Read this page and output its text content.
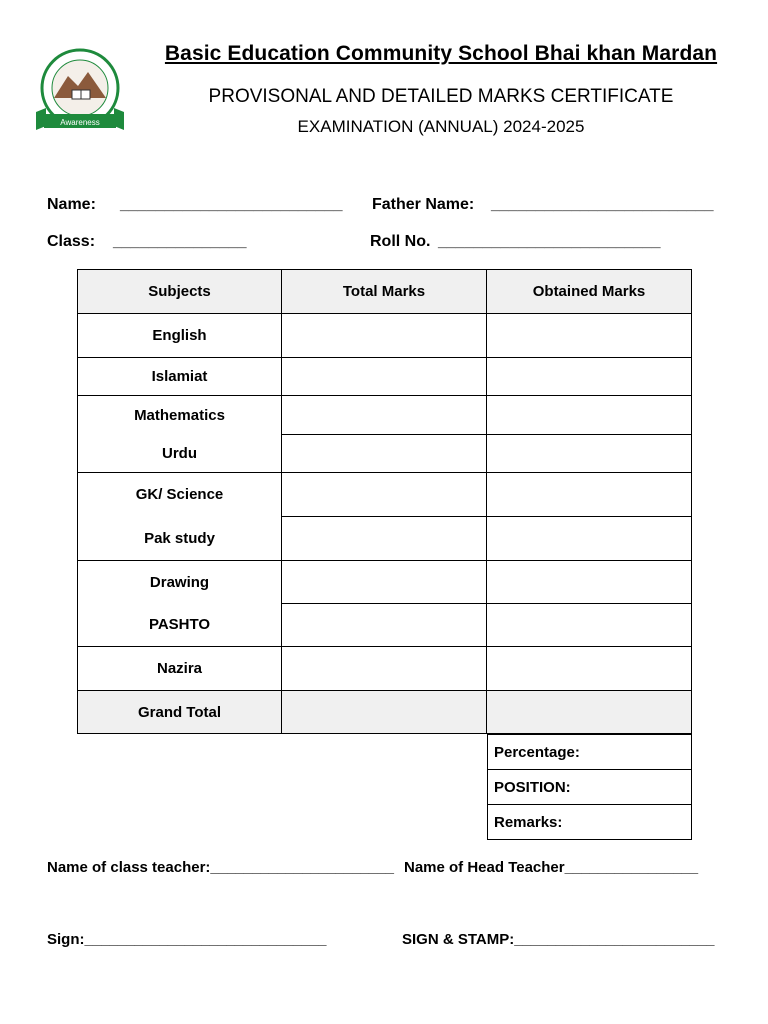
Awareness
Basic Education Community School Bhai khan Mardan
PROVISONAL AND DETAILED MARKS CERTIFICATE
EXAMINATION (ANNUAL) 2024-2025
Name: _________________________ Father Name: _________________________
Class: _______________	Roll No. _________________________
Subjects	Total Marks	Obtained Marks
English		
Islamiat		
Mathematics		
Urdu		
GK/ Science		
Pak study		
Drawing		
PASHTO		
Nazira		
Grand Total		
Percentage:
POSITION:
Remarks:
Name of class teacher:______________________ Name of Head Teacher________________
Sign:_____________________________	SIGN & STAMP:________________________
